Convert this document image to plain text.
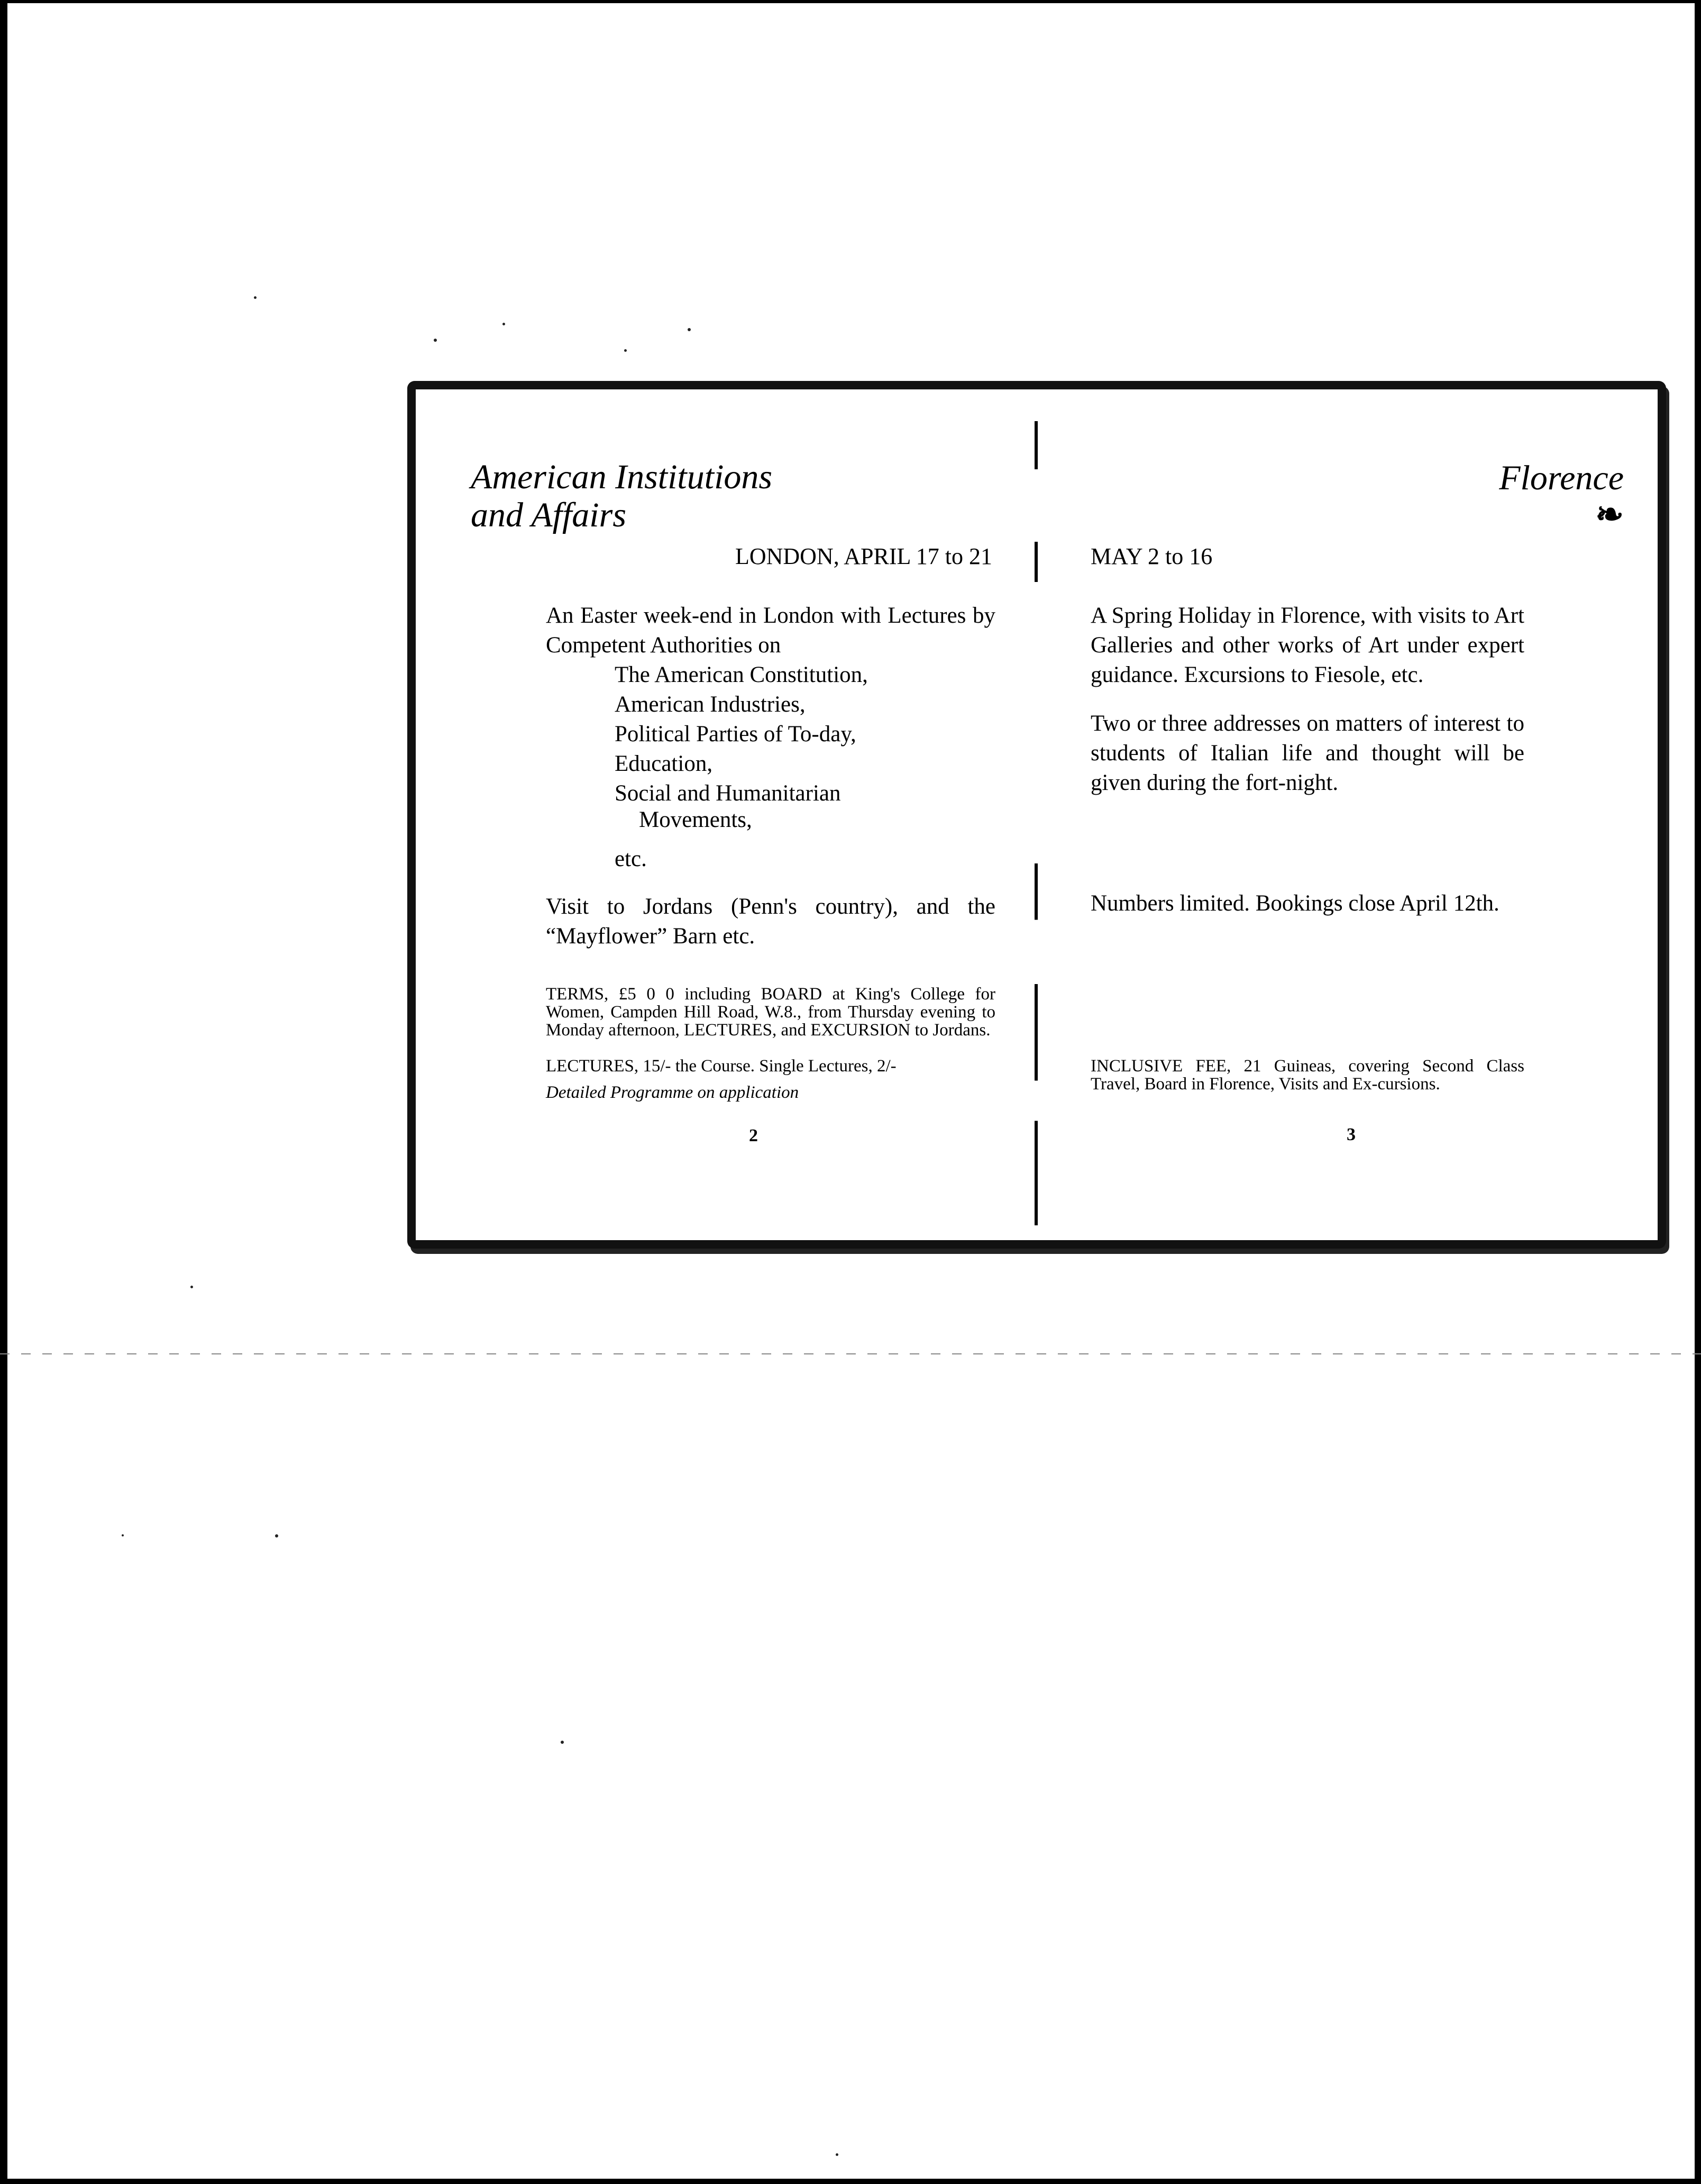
American Institutions
and Affairs
LONDON, APRIL 17 to 21
An Easter week-end in London with Lectures by Competent Authorities on
The American Constitution,
American Industries,
Political Parties of To-day,
Education,
Social and Humanitarian
Movements,
etc.
Visit to Jordans (Penn's country), and the “Mayflower” Barn etc.
TERMS, £5 0 0 including BOARD at King's College for Women, Campden Hill Road, W.8., from Thursday evening to Monday afternoon, LECTURES, and EXCURSION to Jordans.
LECTURES, 15/- the Course. Single Lectures, 2/-
Detailed Programme on application
2
Florence
❧
MAY 2 to 16
A Spring Holiday in Florence, with visits to Art Galleries and other works of Art under expert guidance. Excursions to Fiesole, etc.
Two or three addresses on matters of interest to students of Italian life and thought will be given during the fort-night.
Numbers limited. Bookings close April 12th.
INCLUSIVE FEE, 21 Guineas, covering Second Class Travel, Board in Florence, Visits and Ex-cursions.
3
